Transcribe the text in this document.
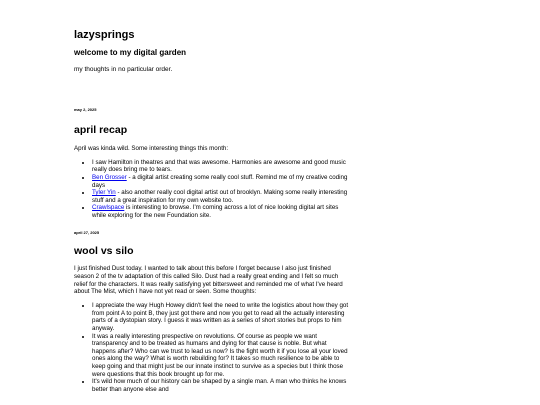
lazysprings
welcome to my digital garden

my thoughts in no particular order.

may 2, 2025

april recap

April was kinda wild. Some interesting things this month:

• I saw Hamilton in theatres and that was awesome. Harmonies are awesome and good music really does bring me to tears.
• Ben Grosser - a digital artist creating some really cool stuff. Remind me of my creative coding days
• Tyler Yin - also another really cool digital artist out of brooklyn. Making some really interesting stuff and a great inspiration for my own website too.
• Crawlspace is interesting to browse. I'm coming across a lot of nice looking digital art sites while exploring for the new Foundation site.

april 27, 2025

wool vs silo

I just finished Dust today. I wanted to talk about this before I forget because I also just finished season 2 of the tv adaptation of this called Silo. Dust had a really great ending and I felt so much relief for the characters. It was really satisfying yet bittersweet and reminded me of what I've heard about The Mist, which I have not yet read or seen. Some thoughts:

• I appreciate the way Hugh Howey didn't feel the need to write the logistics about how they got from point A to point B, they just got there and now you get to read all the actually interesting parts of a dystopian story. I guess it was written as a series of short stories but props to him anyway.
• It was a really interesting prespective on revolutions. Of course as people we want transparency and to be treated as humans and dying for that cause is noble. But what happens after? Who can we trust to lead us now? Is the fight worth it if you lose all your loved ones along the way? What is worth rebuilding for? It takes so much resilience to be able to keep going and that might just be our innate instinct to survive as a species but I think those were questions that this book brought up for me.
• It's wild how much of our history can be shaped by a single man. A man who thinks he knows better than anyone else and
